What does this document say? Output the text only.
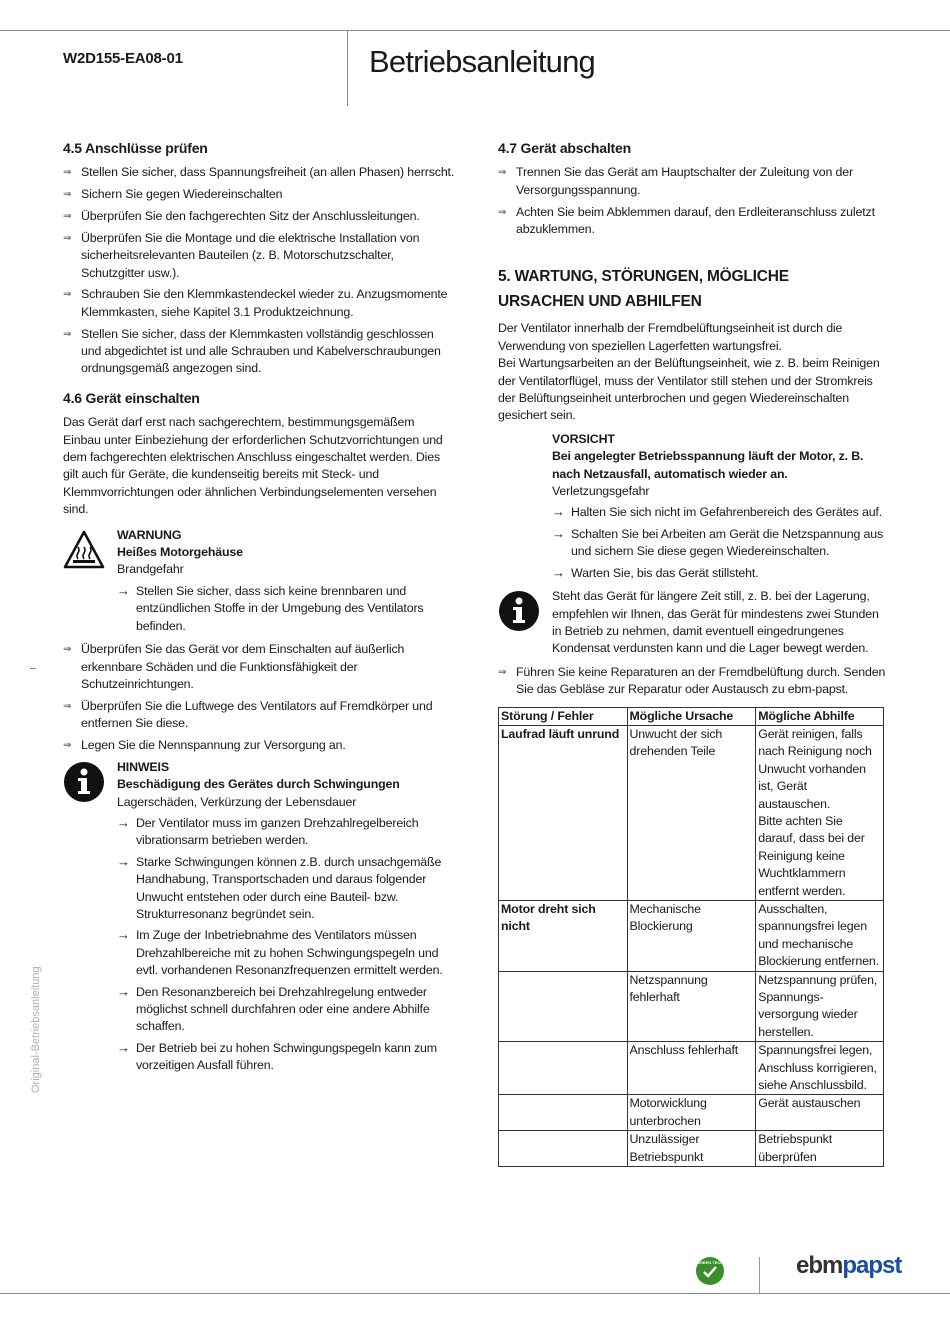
W2D155-EA08-01	Betriebsanleitung
Original-Betriebsanleitung
4.5 Anschlüsse prüfen
⇒ Stellen Sie sicher, dass Spannungsfreiheit (an allen Phasen) herrscht.
⇒ Sichern Sie gegen Wiedereinschalten
⇒ Überprüfen Sie den fachgerechten Sitz der Anschlussleitungen.
⇒ Überprüfen Sie die Montage und die elektrische Installation von sicherheitsrelevanten Bauteilen (z. B. Motorschutzschalter, Schutzgitter usw.).
⇒ Schrauben Sie den Klemmkastendeckel wieder zu. Anzugsmomente Klemmkasten, siehe Kapitel 3.1 Produktzeichnung.
⇒ Stellen Sie sicher, dass der Klemmkasten vollständig geschlossen und abgedichtet ist und alle Schrauben und Kabelverschraubungen ordnungsgemäß angezogen sind.
4.6 Gerät einschalten

Das Gerät darf erst nach sachgerechtem, bestimmungsgemäßem Einbau unter Einbeziehung der erforderlichen Schutzvorrichtungen und dem fachgerechten elektrischen Anschluss eingeschaltet werden. Dies gilt auch für Geräte, die kundenseitig bereits mit Steck- und Klemmvorrichtungen oder ähnlichen Verbindungselementen versehen sind.

WARNUNG
Heißes Motorgehäuse
Brandgefahr
→ Stellen Sie sicher, dass sich keine brennbaren und entzündlichen Stoffe in der Umgebung des Ventilators befinden.
⇒ Überprüfen Sie das Gerät vor dem Einschalten auf äußerlich erkennbare Schäden und die Funktionsfähigkeit der Schutzeinrichtungen.
⇒ Überprüfen Sie die Luftwege des Ventilators auf Fremdkörper und entfernen Sie diese.
⇒ Legen Sie die Nennspannung zur Versorgung an.
HINWEIS
Beschädigung des Gerätes durch Schwingungen
Lagerschäden, Verkürzung der Lebensdauer
→ Der Ventilator muss im ganzen Drehzahlregelbereich vibrationsarm betrieben werden.
→ Starke Schwingungen können z.B. durch unsachgemäße Handhabung, Transportschaden und daraus folgender Unwucht entstehen oder durch eine Bauteil- bzw. Strukturresonanz begründet sein.
→ Im Zuge der Inbetriebnahme des Ventilators müssen Drehzahlbereiche mit zu hohen Schwingungspegeln und evtl. vorhandenen Resonanzfrequenzen ermittelt werden.
→ Den Resonanzbereich bei Drehzahlregelung entweder möglichst schnell durchfahren oder eine andere Abhilfe schaffen.
→ Der Betrieb bei zu hohen Schwingungspegeln kann zum vorzeitigen Ausfall führen.
4.7 Gerät abschalten
⇒ Trennen Sie das Gerät am Hauptschalter der Zuleitung von der Versorgungsspannung.
⇒ Achten Sie beim Abklemmen darauf, den Erdleiteranschluss zuletzt abzuklemmen.
5. WARTUNG, STÖRUNGEN, MÖGLICHE
URSACHEN UND ABHILFEN

Der Ventilator innerhalb der Fremdbelüftungseinheit ist durch die Verwendung von speziellen Lagerfetten wartungsfrei.

Bei Wartungsarbeiten an der Belüftungseinheit, wie z. B. beim Reinigen der Ventilatorflügel, muss der Ventilator still stehen und der Stromkreis der Belüftungseinheit unterbrochen und gegen Wiedereinschalten gesichert sein.

VORSICHT
Bei angelegter Betriebsspannung läuft der Motor, z. B. nach Netzausfall, automatisch wieder an.
Verletzungsgefahr
→ Halten Sie sich nicht im Gefahrenbereich des Gerätes auf.
→ Schalten Sie bei Arbeiten am Gerät die Netzspannung aus und sichern Sie diese gegen Wiedereinschalten.
→ Warten Sie, bis das Gerät stillsteht.
Steht das Gerät für längere Zeit still, z. B. bei der Lagerung, empfehlen wir Ihnen, das Gerät für mindestens zwei Stunden in Betrieb zu nehmen, damit eventuell eingedrungenes Kondensat verdunsten kann und die Lager bewegt werden.
⇒ Führen Sie keine Reparaturen an der Fremdbelüftung durch. Senden Sie das Gebläse zur Reparatur oder Austausch zu ebm-papst.
Störung / Fehler	Mögliche Ursache	Mögliche Abhilfe
Laufrad läuft unrund	Unwucht der sich drehenden Teile	Gerät reinigen, falls nach Reinigung noch Unwucht vorhanden ist, Gerät austauschen.
Bitte achten Sie darauf, dass bei der Reinigung keine Wuchtklammern entfernt werden.

Motor dreht sich nicht	Mechanische Blockierung	Ausschalten, spannungsfrei legen und mechanische Blockierung entfernen.
	Netzspannung fehlerhaft	Netzspannung prüfen, Spannungs-versorgung wieder herstellen.
	Anschluss fehlerhaft	Spannungsfrei legen, Anschluss korrigieren, siehe Anschlussbild.
	Motorwicklung unterbrochen	Gerät austauschen
	Unzulässiger Betriebspunkt	Betriebspunkt überprüfen
GREEN TECH	ebmpapst
